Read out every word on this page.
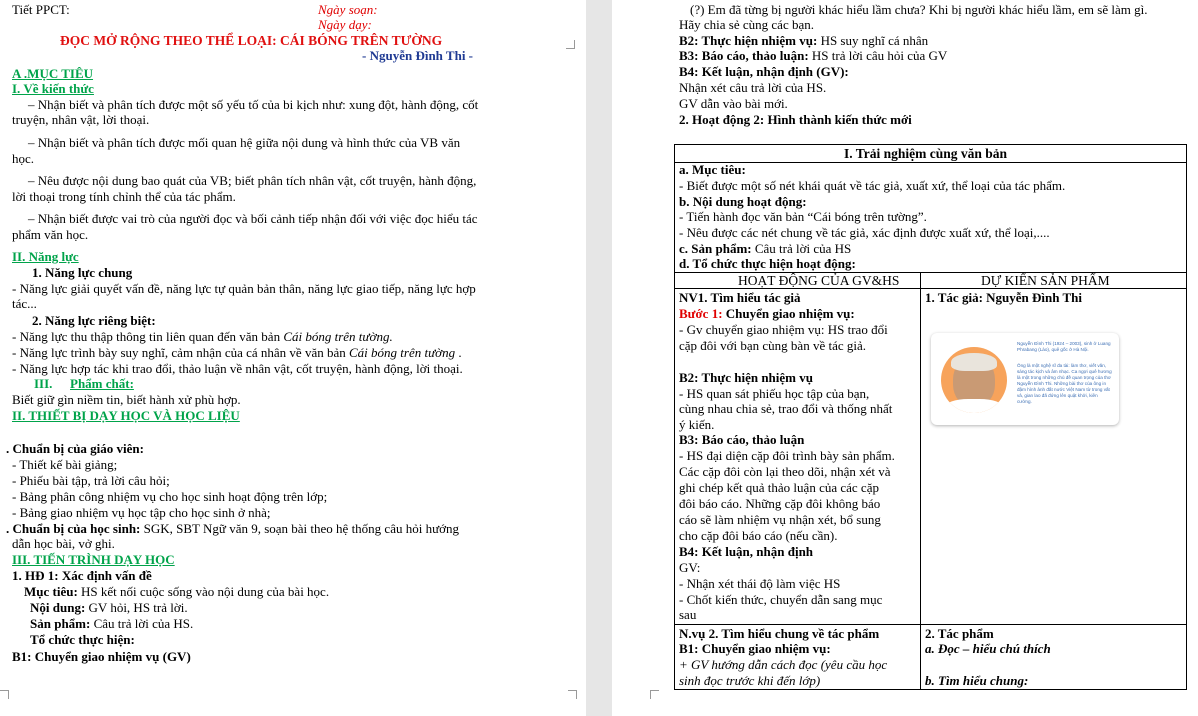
Tiết PPCT:	Ngày soạn:
Ngày dạy:
ĐỌC MỞ RỘNG THEO THỂ LOẠI: CÁI BÓNG TRÊN TƯỜNG
- Nguyễn Đình Thi -
A .MỤC TIÊU
I. Về kiến thức
– Nhận biết và phân tích được một số yếu tố của bi kịch như: xung đột, hành động, cốt
truyện, nhân vật, lời thoại.
– Nhận biết và phân tích được mối quan hệ giữa nội dung và hình thức của VB văn
học.
– Nêu được nội dung bao quát của VB; biết phân tích nhân vật, cốt truyện, hành động,
lời thoại trong tính chỉnh thể của tác phẩm.
– Nhận biết được vai trò của người đọc và bối cảnh tiếp nhận đối với việc đọc hiểu tác
phẩm văn học.
II. Năng lực
1. Năng lực chung
- Năng lực giải quyết vấn đề, năng lực tự quản bản thân, năng lực giao tiếp, năng lực hợp
tác...
2. Năng lực riêng biệt:
- Năng lực thu thập thông tin liên quan đến văn bản Cái bóng trên tường.
- Năng lực trình bày suy nghĩ, cảm nhận của cá nhân về văn bản Cái bóng trên tường .
- Năng lực hợp tác khi trao đổi, thảo luận về nhân vật, cốt truyện, hành động, lời thoại.
III. Phẩm chất:
Biết giữ gìn niềm tin, biết hành xử phù hợp.
II. THIẾT BỊ DẠY HỌC VÀ HỌC LIỆU
. Chuẩn bị của giáo viên:
- Thiết kế bài giảng;
- Phiếu bài tập, trả lời câu hỏi;
- Bảng phân công nhiệm vụ cho học sinh hoạt động trên lớp;
- Bảng giao nhiệm vụ học tập cho học sinh ở nhà;
. Chuẩn bị của học sinh: SGK, SBT Ngữ văn 9, soạn bài theo hệ thống câu hỏi hướng
dẫn học bài, vở ghi.
III. TIẾN TRÌNH DẠY HỌC
1. HĐ 1: Xác định vấn đề
Mục tiêu: HS kết nối cuộc sống vào nội dung của bài học.
Nội dung: GV hỏi, HS trả lời.
Sản phẩm: Câu trả lời của HS.
Tổ chức thực hiện:
B1: Chuyển giao nhiệm vụ (GV)
(?) Em đã từng bị người khác hiểu lầm chưa? Khi bị người khác hiểu lầm, em sẽ làm gì.
Hãy chia sẻ cùng các bạn.
B2: Thực hiện nhiệm vụ: HS suy nghĩ cá nhân
B3: Báo cáo, thảo luận: HS trả lời câu hỏi của GV
B4: Kết luận, nhận định (GV):
Nhận xét câu trả lời của HS.
GV dẫn vào bài mới.
2. Hoạt động 2: Hình thành kiến thức mới
I. Trải nghiệm cùng văn bản
a. Mục tiêu:
- Biết được một số nét khái quát về tác giả, xuất xứ, thể loại của tác phẩm.
b. Nội dung hoạt động:
- Tiến hành đọc văn bản “Cái bóng trên tường”.
- Nêu được các nét chung về tác giả, xác định được xuất xứ, thể loại,....
c. Sản phẩm: Câu trả lời của HS
d. Tổ chức thực hiện hoạt động:
HOẠT ĐỘNG CỦA GV&HS	DỰ KIẾN SẢN PHẨM
NV1. Tìm hiểu tác giả
Bước 1: Chuyển giao nhiệm vụ:
- Gv chuyển giao nhiệm vụ: HS trao đổi
cặp đôi với bạn cùng bàn về tác giả.
B2: Thực hiện nhiệm vụ
- HS quan sát phiếu học tập của bạn,
cùng nhau chia sẻ, trao đổi và thống nhất
ý kiến.
B3: Báo cáo, thảo luận
- HS đại diện cặp đôi trình bày sản phẩm.
Các cặp đôi còn lại theo dõi, nhận xét và
ghi chép kết quả thảo luận của các cặp
đôi báo cáo. Những cặp đôi không báo
cáo sẽ làm nhiệm vụ nhận xét, bổ sung
cho cặp đôi báo cáo (nếu cần).
B4: Kết luận, nhận định
GV:
- Nhận xét thái độ làm việc HS
- Chốt kiến thức, chuyển dẫn sang mục
sau
1. Tác giả: Nguyễn Đình Thi
Nguyễn Đình Thi (1924 – 2003), sinh ở Luang Phrabang (Lào), quê gốc ở Hà Nội.
Ông là một nghệ sĩ đa tài: làm thơ, viết văn, sáng tác kịch và âm nhạc. Ca ngợi quê hương là một trong những chủ đề quan trọng của thơ Nguyễn Đình Thi. Những bài thơ của ông in đậm hình ảnh đất nước Việt Nam từ trong vất vả, gian lao đã đứng lên quật khởi, kiên cường.
N.vụ 2. Tìm hiểu chung về tác phẩm
B1: Chuyển giao nhiệm vụ:
+ GV hướng dẫn cách đọc (yêu cầu học
sinh đọc trước khi đến lớp)
2. Tác phẩm
a. Đọc – hiểu chú thích
b. Tìm hiểu chung:
